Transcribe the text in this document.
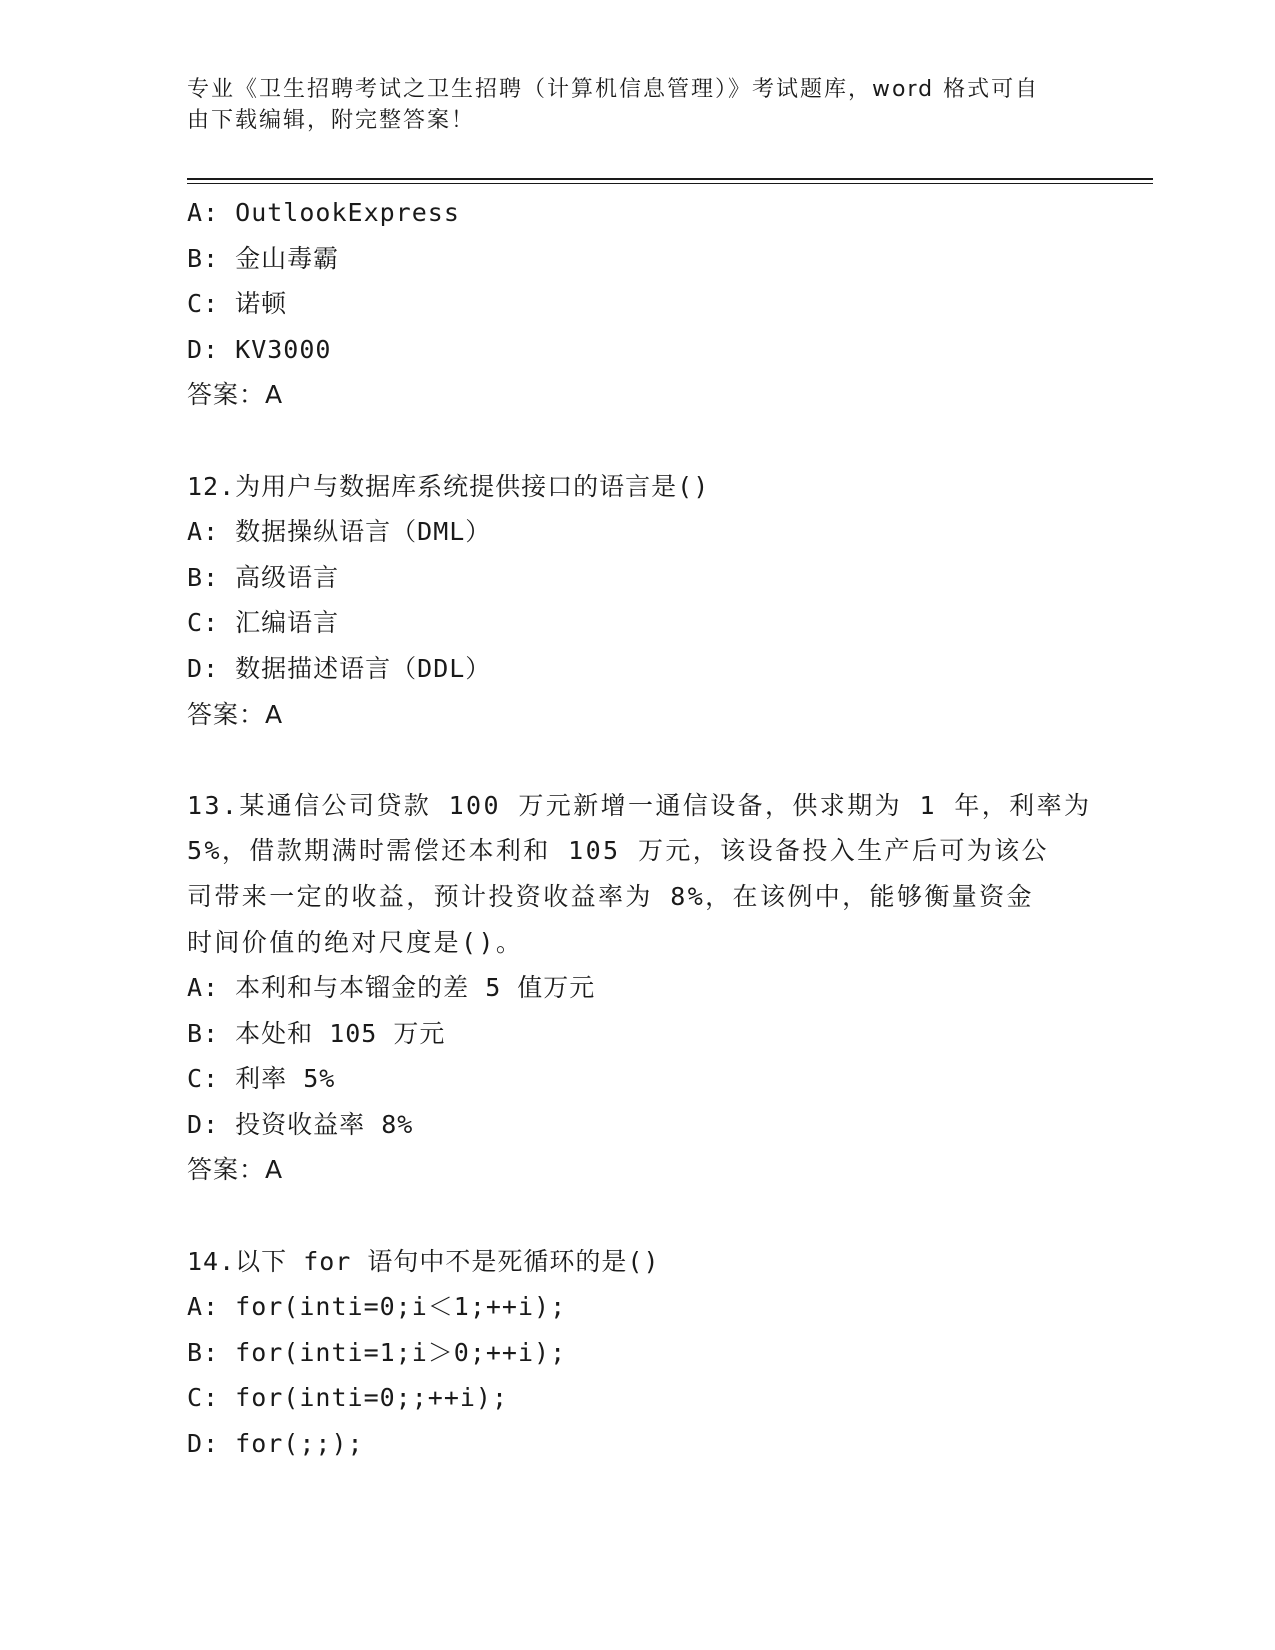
专业《卫生招聘考试之卫生招聘（计算机信息管理）》考试题库，word 格式可自
由下载编辑，附完整答案！
A: OutlookExpress
B: 金山毒霸
C: 诺顿
D: KV3000
答案：A
12.为用户与数据库系统提供接口的语言是()
A: 数据操纵语言（DML）
B: 高级语言
C: 汇编语言
D: 数据描述语言（DDL）
答案：A
13.某通信公司贷款 100 万元新增一通信设备，供求期为 1 年，利率为
5%，借款期满时需偿还本利和 105 万元，该设备投入生产后可为该公
司带来一定的收益，预计投资收益率为 8%，在该例中，能够衡量资金
时间价值的绝对尺度是()。
A: 本利和与本镏金的差 5 值万元
B: 本处和 105 万元
C: 利率 5%
D: 投资收益率 8%
答案：A
14.以下 for 语句中不是死循环的是()
A: for(inti=0;i＜1;++i);
B: for(inti=1;i＞0;++i);
C: for(inti=0;;++i);
D: for(;;);
